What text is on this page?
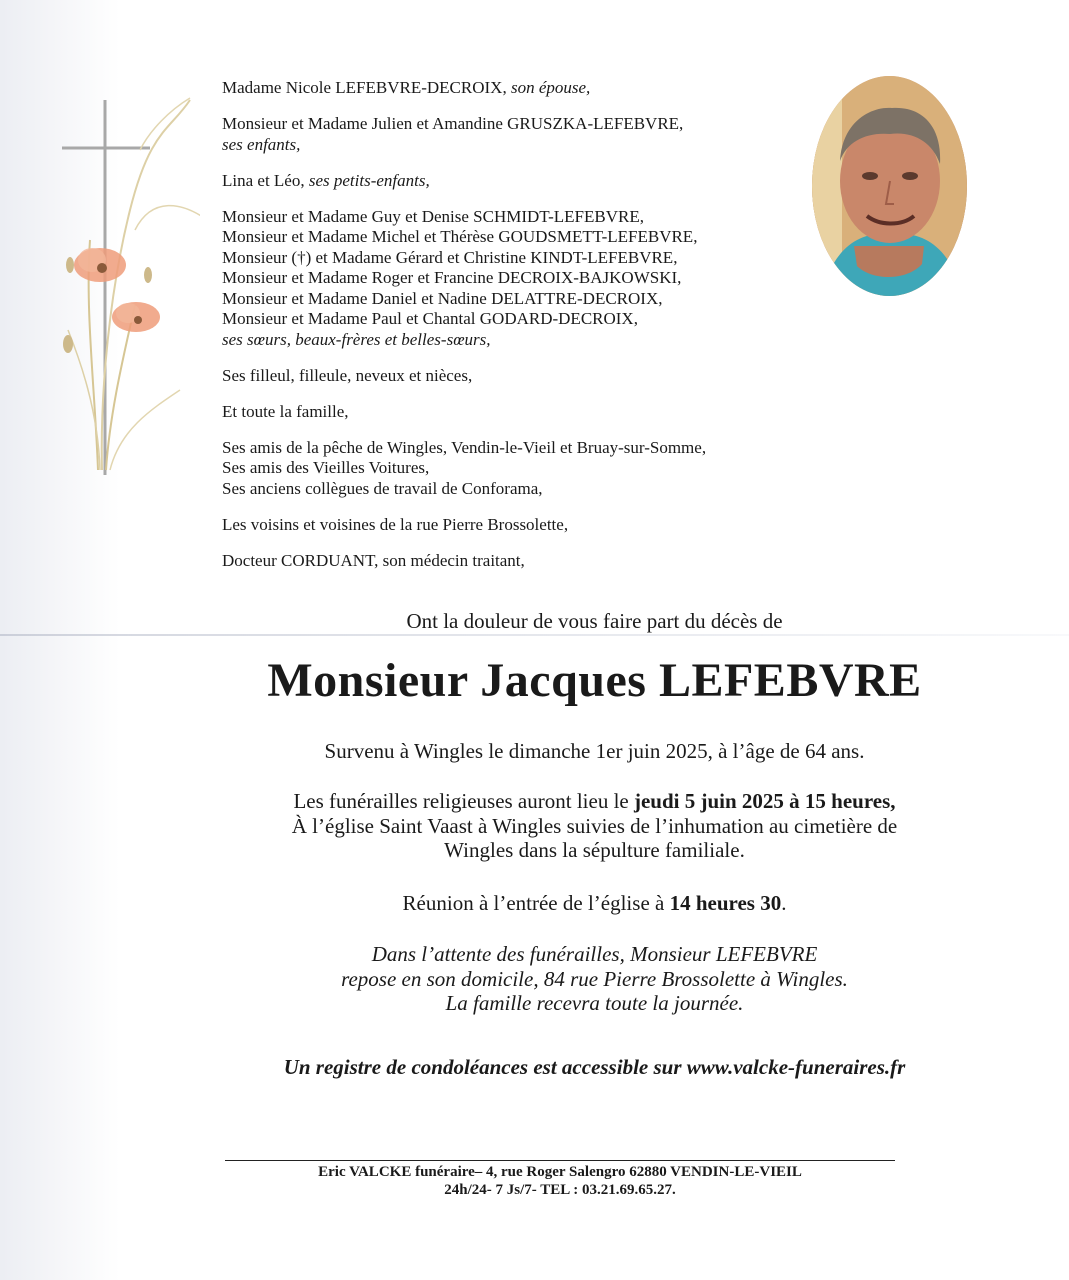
Madame Nicole LEFEBVRE-DECROIX, son épouse,
Monsieur et Madame Julien et Amandine GRUSZKA-LEFEBVRE,
ses enfants,
Lina et Léo, ses petits-enfants,
Monsieur et Madame Guy et Denise SCHMIDT-LEFEBVRE,
Monsieur et Madame Michel et Thérèse GOUDSMETT-LEFEBVRE,
Monsieur (†) et Madame Gérard et Christine KINDT-LEFEBVRE,
Monsieur et Madame Roger et Francine DECROIX-BAJKOWSKI,
Monsieur et Madame Daniel et Nadine DELATTRE-DECROIX,
Monsieur et Madame Paul et Chantal GODARD-DECROIX,
ses sœurs, beaux-frères et belles-sœurs,
Ses filleul, filleule, neveux et nièces,
Et toute la famille,
Ses amis de la pêche de Wingles, Vendin-le-Vieil et Bruay-sur-Somme,
Ses amis des Vieilles Voitures,
Ses anciens collègues de travail de Conforama,
Les voisins et voisines de la rue Pierre Brossolette,
Docteur CORDUANT, son médecin traitant,
Ont la douleur de vous faire part du décès de
Monsieur Jacques LEFEBVRE
Survenu à Wingles le dimanche 1er juin 2025, à l’âge de 64 ans.
Les funérailles religieuses auront lieu le jeudi 5 juin 2025 à 15 heures,
À l’église Saint Vaast à Wingles suivies de l’inhumation au cimetière de
Wingles dans la sépulture familiale.
Réunion à l’entrée de l’église à 14 heures 30.
Dans l’attente des funérailles, Monsieur LEFEBVRE
repose en son domicile, 84 rue Pierre Brossolette à Wingles.
La famille recevra toute la journée.
Un registre de condoléances est accessible sur www.valcke-funeraires.fr
Eric VALCKE funéraire– 4, rue Roger Salengro 62880 VENDIN-LE-VIEIL
24h/24- 7 Js/7- TEL : 03.21.69.65.27.
